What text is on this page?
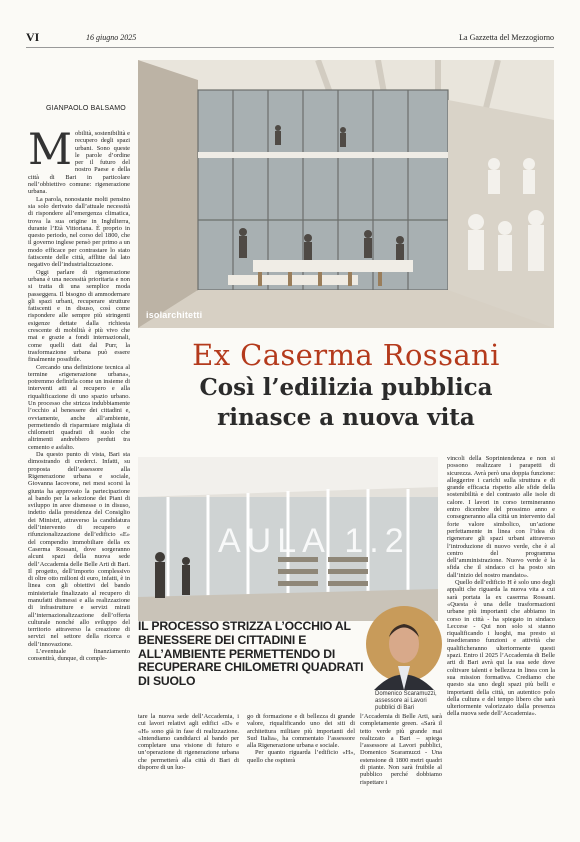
VI	16 giugno 2025	La Gazzetta del Mezzogiorno
GIANPAOLO BALSAMO

Mobilità, sostenibilità e recupero degli spazi urbani. Sono queste le parole d’ordine per il futuro del nostro Paese e della città di Bari in particolare nell’obbiettivo comune: rigenerazione urbana.

La parola, nonostante molti pensino sia solo derivato dall’attuale necessità di rispondere all’emergenza climatica, trova la sua origine in Inghilterra, durante l’Età Vittoriana. È proprio in questo periodo, nel corso del 1800, che il governo inglese pensò per primo a un modo efficace per contrastare lo stato fatiscente delle città, afflitte dal lato negativo dell’industrializzazione.

Oggi parlare di rigenerazione urbana è una necessità prioritaria e non si tratta di una semplice moda passeggera. Il bisogno di ammodernare gli spazi urbani, recuperare strutture fatiscenti e in disuso, così come rispondere alle sempre più stringenti esigenze dettate dalla richiesta crescente di mobilità è più vivo che mai e grazie a fondi internazionali, come quelli dati dal Purr, la trasformazione urbana può essere finalmente possibile.

Cercando una definizione tecnica al termine «rigenerazione urbana», potremmo definirla come un insieme di interventi atti al recupero e alla riqualificazione di uno spazio urbano. Un processo che strizza indubbiamente l’occhio al benessere dei cittadini e, ovviamente, anche all’ambiente, permettendo di risparmiare migliaia di chilometri quadrati di suolo che altrimenti andrebbero perduti tra cemento e asfalto.

Da questo punto di vista, Bari sta dimostrando di crederci. Infatti, su proposta dell’assessore alla Rigenerazione urbana e sociale, Giovanna Iacovone, nei mesi scorsi la giunta ha approvato la partecipazione al bando per la selezione dei Piani di sviluppo in aree dismesse o in disuso, indetto dalla presidenza del Consiglio dei Ministri, attraverso la candidatura dell’intervento di recupero e rifunzionalizzazione dell’edificio «E» del compendio immobiliare della ex Caserma Rossani, dove sorgeranno alcuni spazi della nuova sede dell’Accademia delle Belle Arti di Bari. Il progetto, dell’importo complessivo di oltre otto milioni di euro, infatti, è in linea con gli obiettivi del bando ministeriale finalizzato al recupero di manufatti dismessi e alla realizzazione di infrastrutture e servizi mirati all’internazionalizzazione dell’offerta culturale nonché allo sviluppo del territorio attraverso la creazione di servizi nel settore della ricerca e dell’innovazione.

L’eventuale finanziamento consentirà, dunque, di comple-

isolarchitetti
Ex Caserma Rossani
Così l’edilizia pubblica
rinasce a nuova vita
AULA 1.2

vincoli della Soprintendenza e non si possono realizzare i parapetti di sicurezza. Avrà però una doppia funzione: alleggerire i carichi sulla struttura e di grande efficacia rispetto alle sfide della sostenibilità e del contrasto alle isole di calore. I lavori in corso termineranno entro dicembre del prossimo anno e consegneranno alla città un intervento dal forte valore simbolico, un’azione perfettamente in linea con l’idea di rigenerare gli spazi urbani attraverso l’introduzione di nuovo verde, che è al centro del programma dell’amministrazione. Nuovo verde è la sfida che il sindaco ci ha posto sin dall’inizio del nostro mandato».

Quello dell’edificio H è solo uno degli appalti che riguarda la nuova vita a cui sarà portata la ex caserma Rossani. «Questa è una delle trasformazioni urbane più importanti che abbiamo in corso in città - ha spiegato in sindaco Leccese - Qui non solo si stanno riqualificando i luoghi, ma presto si insedieranno funzioni e attività che qualificheranno ulteriormente questi spazi. Entro il 2025 l’Accademia di Belle arti di Bari avrà qui la sua sede dove coltivare talenti e bellezza in linea con la sua mission formativa. Crediamo che questo sia uno degli spazi più belli e importanti della città, un autentico polo della cultura e del tempo libero che sarà ulteriormente valorizzato dalla presenza della nuova sede dell’Accademia».

IL PROCESSO STRIZZA L’OCCHIO AL BENESSERE DEI CITTADINI E ALL’AMBIENTE PERMETTENDO DI RECUPERARE CHILOMETRI QUADRATI DI SUOLO
Domenico Scaramuzzi, assessore ai Lavori pubblici di Bari

tare la nuova sede dell’Accademia, i cui lavori relativi agli edifici «D» e «H» sono già in fase di realizzazione. «Intendiamo candidarci al bando per completare una visione di futuro e un’operazione di rigenerazione urbana che permetterà alla città di Bari di disporre di un luo-

go di formazione e di bellezza di grande valore, riqualificando uno dei siti di architettura militare più importanti del Sud Italia», ha commentato l’assessore alla Rigenerazione urbana e sociale.

Per quanto riguarda l’edificio «H», quello che ospiterà

l’Accademia di Belle Arti, sarà completamente green. «Sarà il tetto verde più grande mai realizzato a Bari – spiega l’assessore ai Lavori pubblici, Domenico Scaramuzzi - Una estensione di 1800 metri quadri di piante. Non sarà fruibile al pubblico perché dobbiamo rispettare i
